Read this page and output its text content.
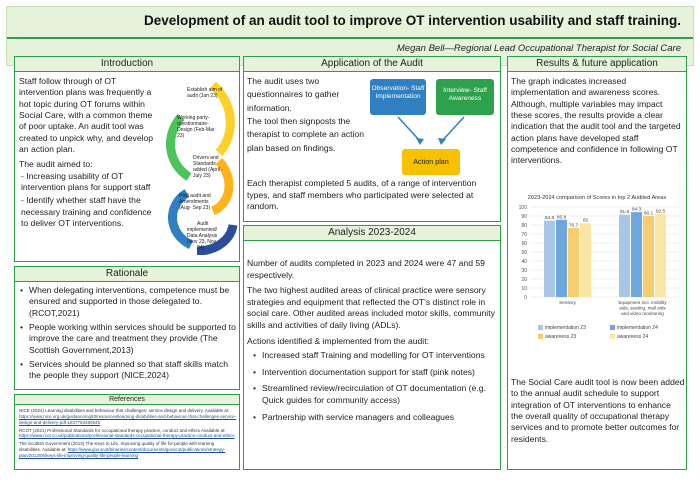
Development of an audit tool to improve OT intervention usability and staff training.
Megan Bell—Regional Lead Occupational Therapist for Social Care
Introduction

Staff follow through of OT intervention plans was frequently a hot topic during OT forums within Social Care, with a common theme of poor uptake. An audit tool was created to unpick why, and develop an action plan.

The audit aimed to:

- Increasing usability of OT intervention plans for support staff

- Identify whether staff have the necessary training and confidence to deliver OT interventions.

Establish aim of audit (Jan 23)
Working party-questionnaire-Design (Feb-Mar 23)
Drivers and Standards added (April -July 23)
Pilot audit and Amendments (Aug- Sep 23)
Audit implemented/ Data Analysis (Nov 23, Nov 24)
Rationale
• When delegating interventions, competence must be ensured and supported in those delegated to. (RCOT,2021)
• People working within services should be supported to improve the care and treatment they provide (The Scottish Government,2013)
• Services should be planned so that staff skills match the people they support (NICE,2024)
References

NICE (2024) Learning disabilities and behaviour that challenges: service design and delivery. Available at: https://www.nice.org.uk/guidance/ng93/resources/learning-disabilities-and-behaviour-that-challenges-service-design-and-delivery-pdf-1837753480645

RCOT (2021) Professional Standards for occupational therapy practice, conduct and ethics Available at: https://www.rcot.co.uk/publications/professional-standards-occupational-therapy-practice-conduct-and-ethics

The Scottish Government (2013) The Keys to Life. Improving quality of life for people with learning disabilities. Available at: https://www.gov.scot/binaries/content/documents/govscot/publications/strategy-plan/2013/06/keys-life-improving-quality-life-people-learning

Application of the Audit

The audit uses two questionnaires to gather information.

The tool then signposts the therapist to complete an action plan based on findings.

Observation- Staff Implementation
Interview- Staff Awareness
Action plan
Each therapist completed 5 audits, of a range of intervention types, and staff members who participated were selected at random.
Analysis 2023-2024

Number of audits completed in 2023 and 2024 were 47 and 59 respectively.

The two highest audited areas of clinical practice were sensory strategies and equipment that reflected the OT's distinct role in social care. Other audited areas included motor skills, community skills and activities of daily living (ADLs).

Actions identified & implemented from the audit:

• Increased staff Training and modelling for OT interventions
• Intervention documentation support for staff (pink notes)
• Streamlined review/recirculation of OT documentation (e.g. Quick guides for community access)
• Partnership with service managers and colleagues
Results & future application
The graph indicates increased implementation and awareness scores. Although, multiple variables may impact these scores, the results provide a clear indication that the audit tool and the targeted action plans have developed staff competence and confidence in following OT interventions.
2023-2024 comparison of Scores in top 2 Audited Areas
0
10
20
30
40
50
60
70
80
90
100
84.8 85.8
76.7
82
91.5
94.3
90.1 92.5
Sensory	Equipment incl. mobility aids, seating, mall aids and video monitoring
implementation 23	implementation 24
awareness 23	awareness 24
The Social Care audit tool is now been added to the annual audit schedule to support integration of OT interventions to enhance the overall quality of occupational therapy services and to promote better outcomes for residents.
